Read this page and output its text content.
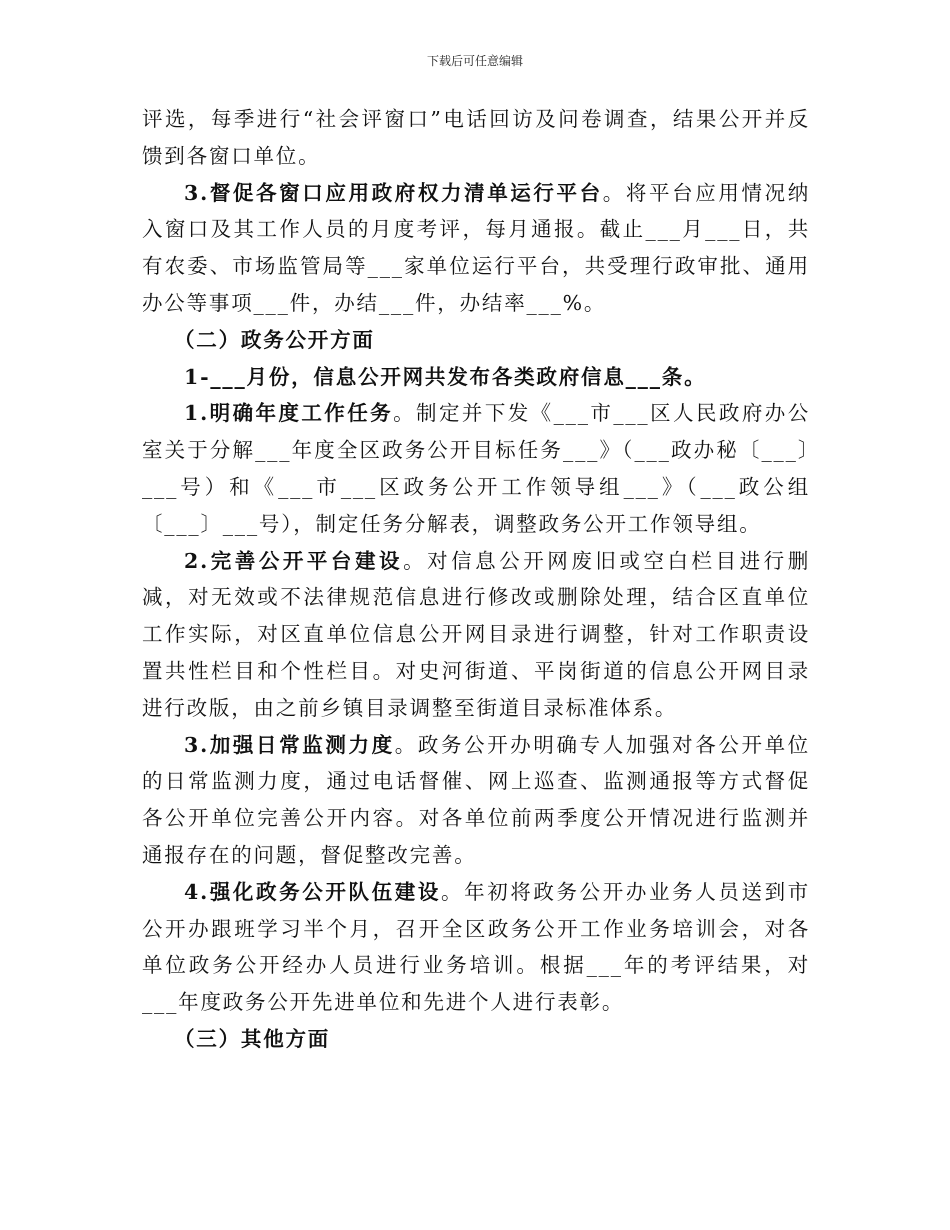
下载后可任意编辑

评选，每季进行“社会评窗口”电话回访及问卷调查，结果公开并反馈到各窗口单位。

3.督促各窗口应用政府权力清单运行平台。将平台应用情况纳入窗口及其工作人员的月度考评，每月通报。截止___月___日，共有农委、市场监管局等___家单位运行平台，共受理行政审批、通用办公等事项___件，办结___件，办结率___%。

（二）政务公开方面

1-___月份，信息公开网共发布各类政府信息___条。

1.明确年度工作任务。制定并下发《___市___区人民政府办公室关于分解___年度全区政务公开目标任务___》（___政办秘〔___〕___号）和《___市___区政务公开工作领导组___》（___政公组〔___〕___号），制定任务分解表，调整政务公开工作领导组。

2.完善公开平台建设。对信息公开网废旧或空白栏目进行删减，对无效或不法律规范信息进行修改或删除处理，结合区直单位工作实际，对区直单位信息公开网目录进行调整，针对工作职责设置共性栏目和个性栏目。对史河街道、平岗街道的信息公开网目录进行改版，由之前乡镇目录调整至街道目录标准体系。

3.加强日常监测力度。政务公开办明确专人加强对各公开单位的日常监测力度，通过电话督催、网上巡查、监测通报等方式督促各公开单位完善公开内容。对各单位前两季度公开情况进行监测并通报存在的问题，督促整改完善。

4.强化政务公开队伍建设。年初将政务公开办业务人员送到市公开办跟班学习半个月，召开全区政务公开工作业务培训会，对各单位政务公开经办人员进行业务培训。根据___年的考评结果，对___年度政务公开先进单位和先进个人进行表彰。

（三）其他方面
